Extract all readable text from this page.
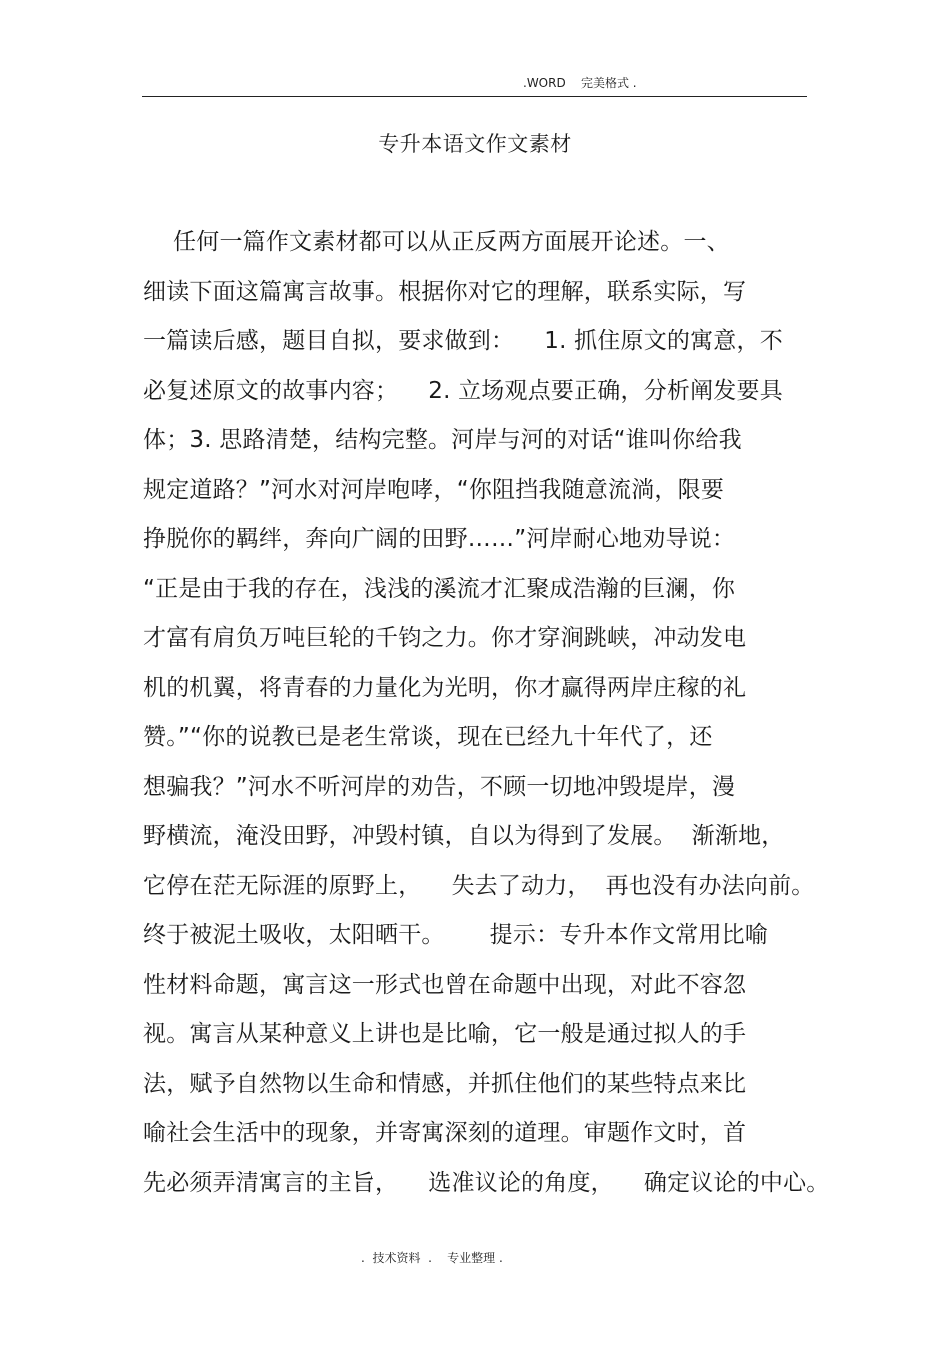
.WORD    完美格式 .
专升本语文作文素材
任何一篇作文素材都可以从正反两方面展开论述。一、
细读下面这篇寓言故事。根据你对它的理解，联系实际，写
一篇读后感，题目自拟，要求做到：    1. 抓住原文的寓意，不
必复述原文的故事内容；    2. 立场观点要正确，分析阐发要具
体；3. 思路清楚，结构完整。河岸与河的对话“谁叫你给我
规定道路？”河水对河岸咆哮，“你阻挡我随意流淌，限要
挣脱你的羁绊，奔向广阔的田野……”河岸耐心地劝导说：
“正是由于我的存在，浅浅的溪流才汇聚成浩瀚的巨澜，你
才富有肩负万吨巨轮的千钧之力。你才穿涧跳峡，冲动发电
机的机翼，将青春的力量化为光明，你才赢得两岸庄稼的礼
赞。”“你的说教已是老生常谈，现在已经九十年代了，还
想骗我？”河水不听河岸的劝告，不顾一切地冲毁堤岸，漫
野横流，淹没田野，冲毁村镇，自以为得到了发展。  渐渐地，
它停在茫无际涯的原野上，    失去了动力，  再也没有办法向前。
终于被泥土吸收，太阳晒干。      提示：专升本作文常用比喻
性材料命题，寓言这一形式也曾在命题中出现，对此不容忽
视。寓言从某种意义上讲也是比喻，它一般是通过拟人的手
法，赋予自然物以生命和情感，并抓住他们的某些特点来比
喻社会生活中的现象，并寄寓深刻的道理。审题作文时，首
先必须弄清寓言的主旨，    选准议论的角度，    确定议论的中心。
.  技术资料  .    专业整理 .
